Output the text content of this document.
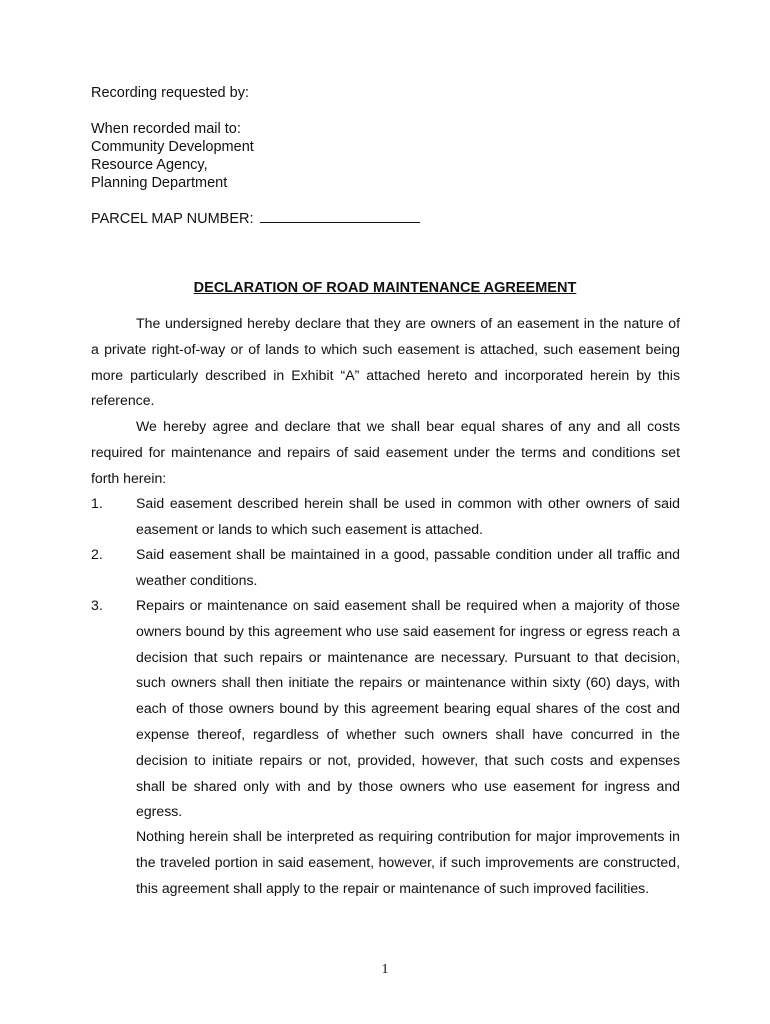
Recording requested by:
When recorded mail to:
Community Development
Resource Agency,
Planning Department
PARCEL MAP NUMBER:
DECLARATION OF ROAD MAINTENANCE AGREEMENT

The undersigned hereby declare that they are owners of an easement in the nature of a private right-of-way or of lands to which such easement is attached, such easement being more particularly described in Exhibit “A” attached hereto and incorporated herein by this reference.

We hereby agree and declare that we shall bear equal shares of any and all costs required for maintenance and repairs of said easement under the terms and conditions set forth herein:

1. Said easement described herein shall be used in common with other owners of said easement or lands to which such easement is attached.

2. Said easement shall be maintained in a good, passable condition under all traffic and weather conditions.

3. Repairs or maintenance on said easement shall be required when a majority of those owners bound by this agreement who use said easement for ingress or egress reach a decision that such repairs or maintenance are necessary. Pursuant to that decision, such owners shall then initiate the repairs or maintenance within sixty (60) days, with each of those owners bound by this agreement bearing equal shares of the cost and expense thereof, regardless of whether such owners shall have concurred in the decision to initiate repairs or not, provided, however, that such costs and expenses shall be shared only with and by those owners who use easement for ingress and egress.

Nothing herein shall be interpreted as requiring contribution for major improvements in the traveled portion in said easement, however, if such improvements are constructed, this agreement shall apply to the repair or maintenance of such improved facilities.

1
